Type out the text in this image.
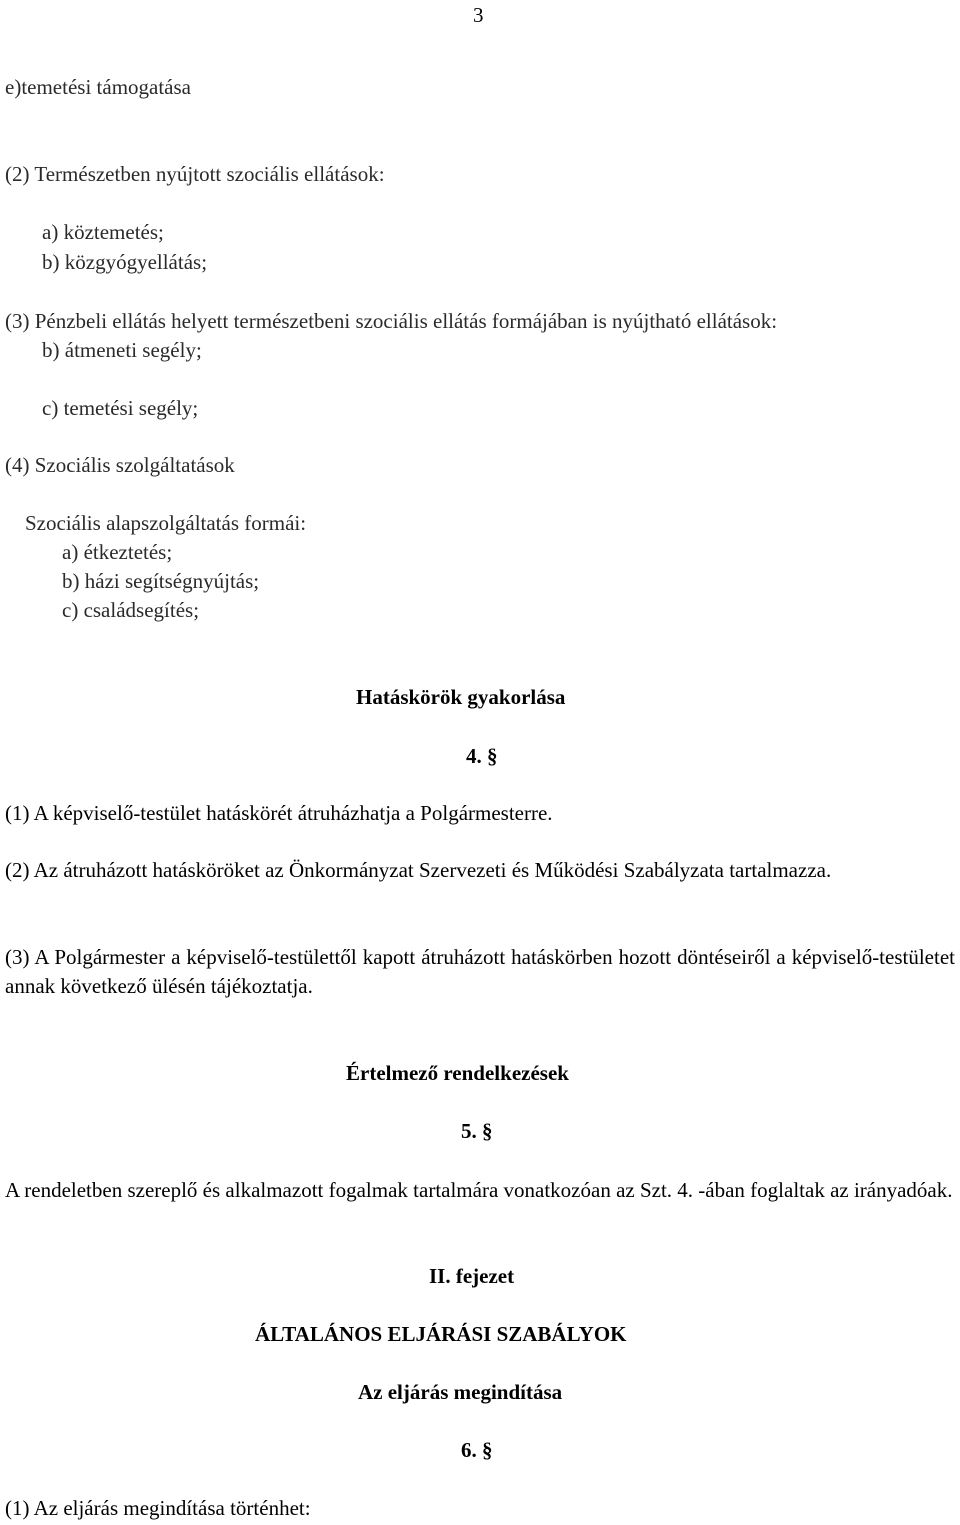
3
e)temetési támogatása
(2) Természetben nyújtott szociális ellátások:
a) köztemetés;
b) közgyógyellátás;
(3) Pénzbeli ellátás helyett természetbeni szociális ellátás formájában is nyújtható ellátások:
b) átmeneti segély;
c) temetési segély;
(4) Szociális szolgáltatások
Szociális alapszolgáltatás formái:
a) étkeztetés;
b) házi segítségnyújtás;
c) családsegítés;
Hatáskörök gyakorlása
4. §
(1) A képviselő-testület hatáskörét átruházhatja a Polgármesterre.
(2) Az átruházott hatásköröket az Önkormányzat Szervezeti és Működési Szabályzata tartalmazza.
(3) A Polgármester a képviselő-testülettől kapott átruházott hatáskörben hozott döntéseiről a képviselő-testületet annak következő ülésén tájékoztatja.
Értelmező rendelkezések
5. §
A rendeletben szereplő és alkalmazott fogalmak tartalmára vonatkozóan az Szt. 4. -ában foglaltak az irányadóak.
II. fejezet
ÁLTALÁNOS ELJÁRÁSI SZABÁLYOK
Az eljárás megindítása
6. §
(1) Az eljárás megindítása történhet:
